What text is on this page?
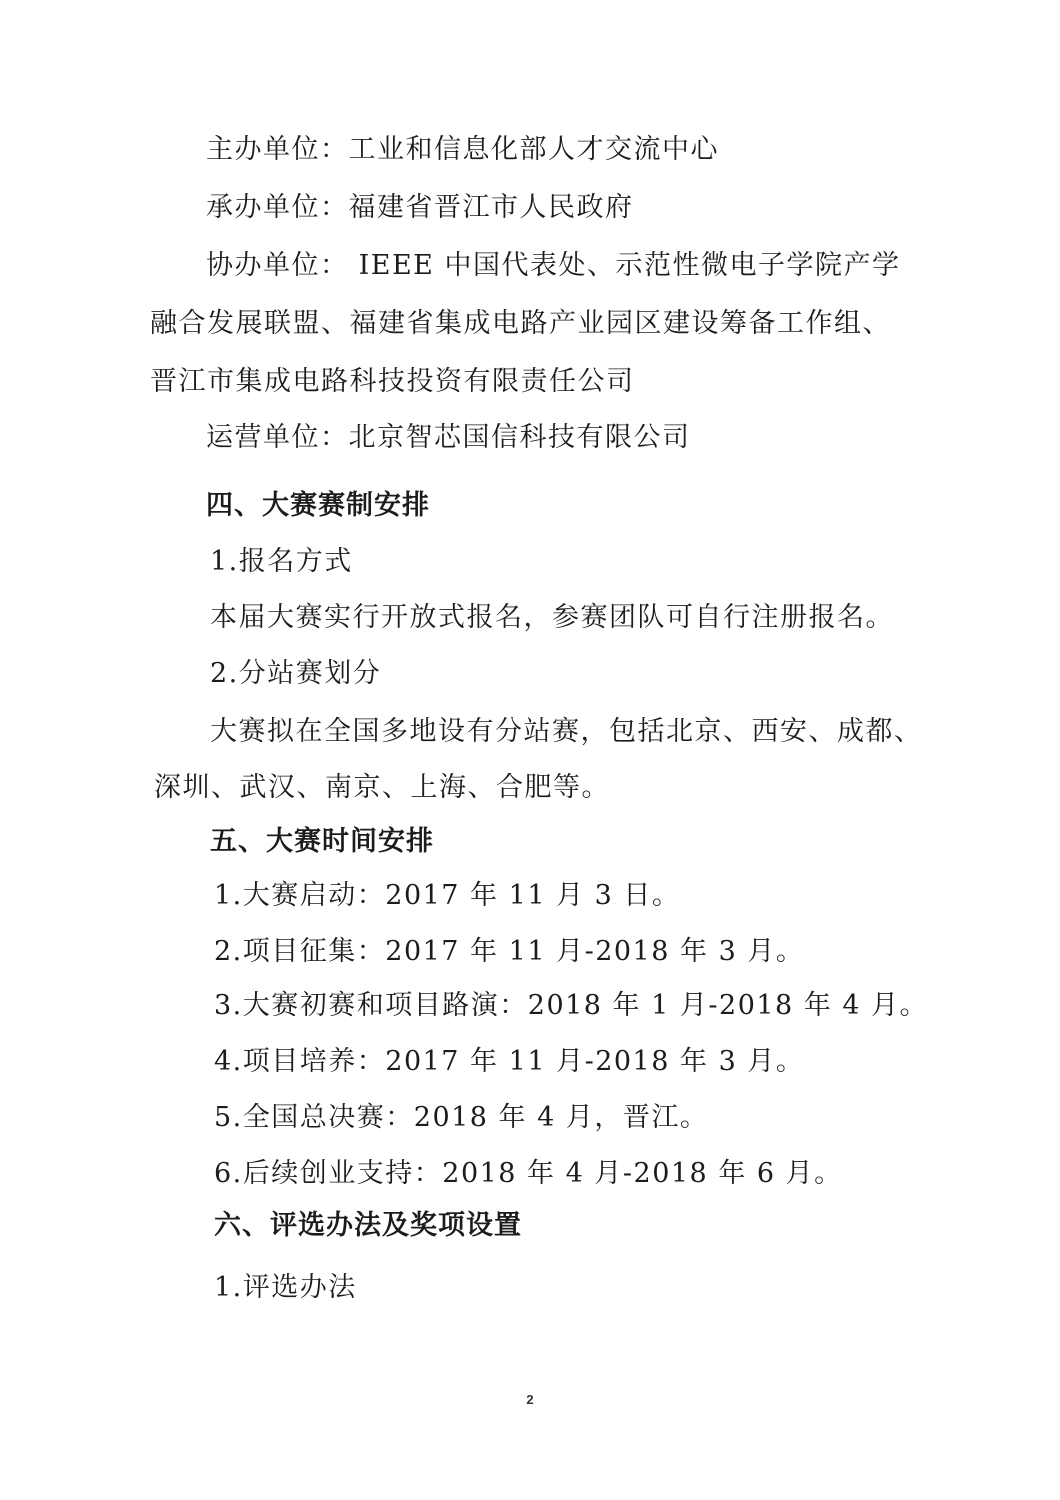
主办单位：工业和信息化部人才交流中心
承办单位：福建省晋江市人民政府
协办单位： IEEE 中国代表处、示范性微电子学院产学
融合发展联盟、福建省集成电路产业园区建设筹备工作组、
晋江市集成电路科技投资有限责任公司
运营单位：北京智芯国信科技有限公司
四、大赛赛制安排
1.报名方式
本届大赛实行开放式报名，参赛团队可自行注册报名。
2.分站赛划分
大赛拟在全国多地设有分站赛，包括北京、西安、成都、
深圳、武汉、南京、上海、合肥等。
五、大赛时间安排
1.大赛启动：2017 年 11 月 3 日。
2.项目征集：2017 年 11 月-2018 年 3 月。
3.大赛初赛和项目路演：2018 年 1 月-2018 年 4 月。
4.项目培养：2017 年 11 月-2018 年 3 月。
5.全国总决赛：2018 年 4 月，晋江。
6.后续创业支持：2018 年 4 月-2018 年 6 月。
六、评选办法及奖项设置
1.评选办法
2
